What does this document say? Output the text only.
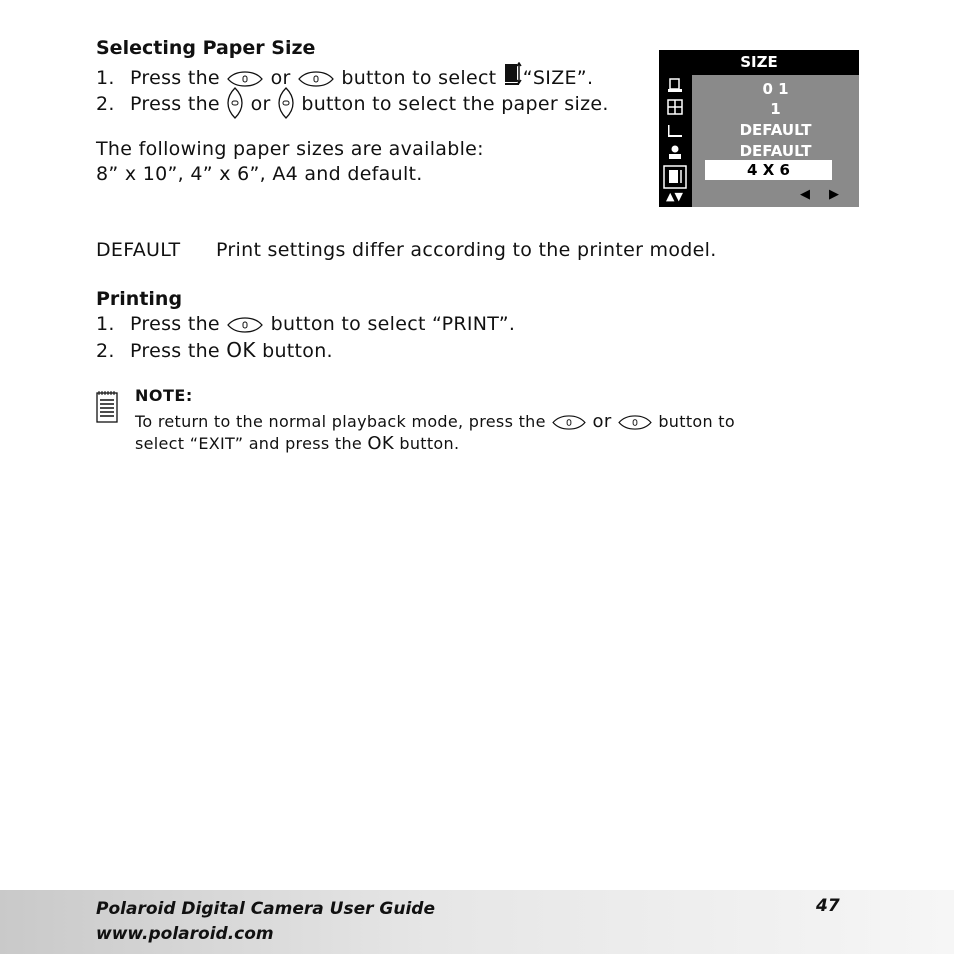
Selecting Paper Size
1. Press the	or	button to select “SIZE”.
2. Press the or button to select the paper size.
The following paper sizes are available:
8” x 10”, 4” x 6”, A4 and default.
SIZE
▲▼
0 1
1
DEFAULT
DEFAULT
4 X 6
◀ ▶
DEFAULT Print settings differ according to the printer model.
Printing
1. Press the	button to select “PRINT”.
2. Press the OK button.
NOTE:
To return to the normal playback mode, press the	or	button to
select “EXIT” and press the OK button.
Polaroid Digital Camera User Guide
www.polaroid.com
47
